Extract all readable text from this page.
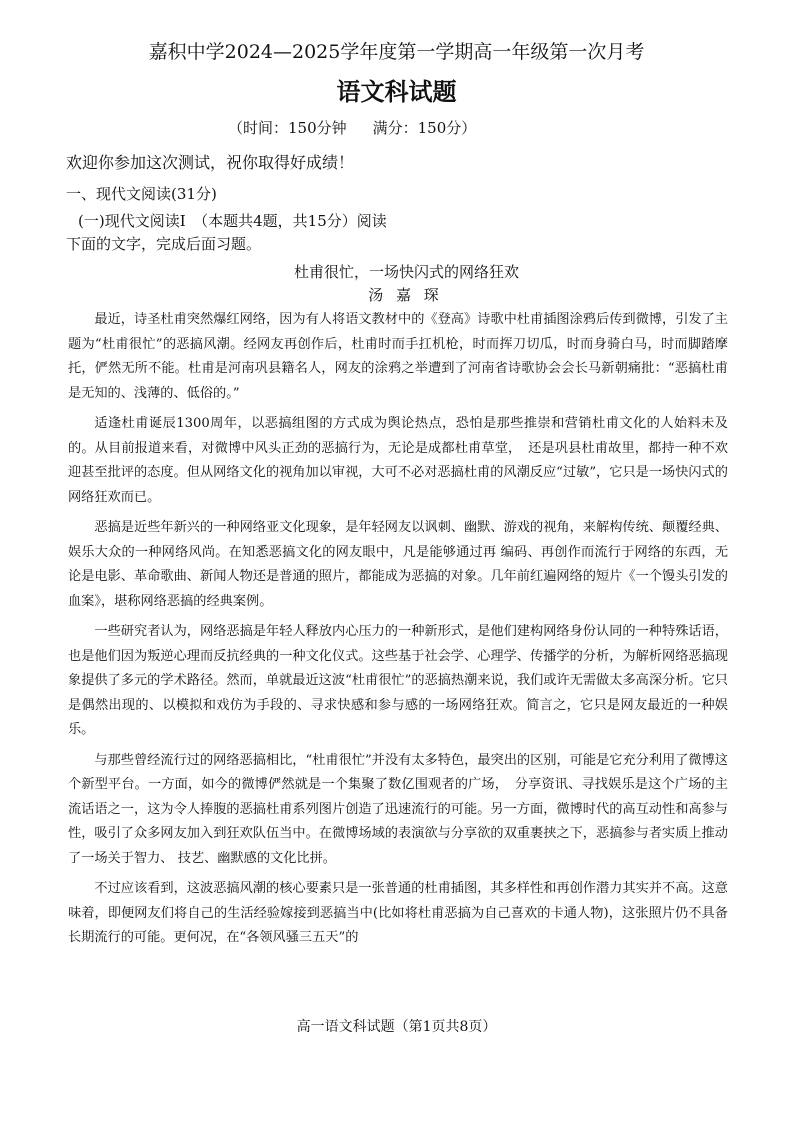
嘉积中学2024—2025学年度第一学期高一年级第一次月考
语文科试题
（时间：150分钟 满分：150分）
欢迎你参加这次测试，祝你取得好成绩！
一、现代文阅读(31分)
(一)现代文阅读I　（本题共4题，共15分）阅读
下面的文字，完成后面习题。
杜甫很忙，一场快闪式的网络狂欢
汤 嘉 琛

最近，诗圣杜甫突然爆红网络，因为有人将语文教材中的《登高》诗歌中杜甫插图涂鸦后传到微博，引发了主题为“杜甫很忙”的恶搞风潮。经网友再创作后，杜甫时而手扛机枪，时而挥刀切瓜，时而身骑白马，时而脚踏摩托，俨然无所不能。杜甫是河南巩县籍名人，网友的涂鸦之举遭到了河南省诗歌协会会长马新朝痛批：“恶搞杜甫是无知的、浅薄的、低俗的。”

适逢杜甫诞辰1300周年，以恶搞组图的方式成为舆论热点，恐怕是那些推崇和营销杜甫文化的人始料未及的。从目前报道来看，对微博中风头正劲的恶搞行为，无论是成都杜甫草堂，　还是巩县杜甫故里，都持一种不欢迎甚至批评的态度。但从网络文化的视角加以审视，大可不必对恶搞杜甫的风潮反应“过敏”，它只是一场快闪式的网络狂欢而已。

恶搞是近些年新兴的一种网络亚文化现象，是年轻网友以讽刺、幽默、游戏的视角，来解构传统、颠覆经典、娱乐大众的一种网络风尚。在知悉恶搞文化的网友眼中，凡是能够通过再 编码、再创作而流行于网络的东西，无论是电影、革命歌曲、新闻人物还是普通的照片，都能成为恶搞的对象。几年前红遍网络的短片《一个馒头引发的血案》，堪称网络恶搞的经典案例。

一些研究者认为，网络恶搞是年轻人释放内心压力的一种新形式，是他们建构网络身份认同的一种特殊话语，也是他们因为叛逆心理而反抗经典的一种文化仪式。这些基于社会学、心理学、传播学的分析，为解析网络恶搞现象提供了多元的学术路径。然而，单就最近这波“杜甫很忙”的恶搞热潮来说，我们或许无需做太多高深分析。它只是偶然出现的、以模拟和戏仿为手段的、寻求快感和参与感的一场网络狂欢。简言之，它只是网友最近的一种娱乐。

与那些曾经流行过的网络恶搞相比，“杜甫很忙”并没有太多特色，最突出的区别，可能是它充分利用了微博这个新型平台。一方面，如今的微博俨然就是一个集聚了数亿围观者的广场，　分享资讯、寻找娱乐是这个广场的主流话语之一，这为令人捧腹的恶搞杜甫系列图片创造了迅速流行的可能。另一方面，微博时代的高互动性和高参与性，吸引了众多网友加入到狂欢队伍当中。在微博场域的表演欲与分享欲的双重裹挟之下，恶搞参与者实质上推动了一场关于智力、 技艺、幽默感的文化比拼。

不过应该看到，这波恶搞风潮的核心要素只是一张普通的杜甫插图，其多样性和再创作潜力其实并不高。这意味着，即便网友们将自己的生活经验嫁接到恶搞当中(比如将杜甫恶搞为自己喜欢的卡通人物)，这张照片仍不具备长期流行的可能。更何况，在“各领风骚三五天”的

高一语文科试题（第1页共8页）
